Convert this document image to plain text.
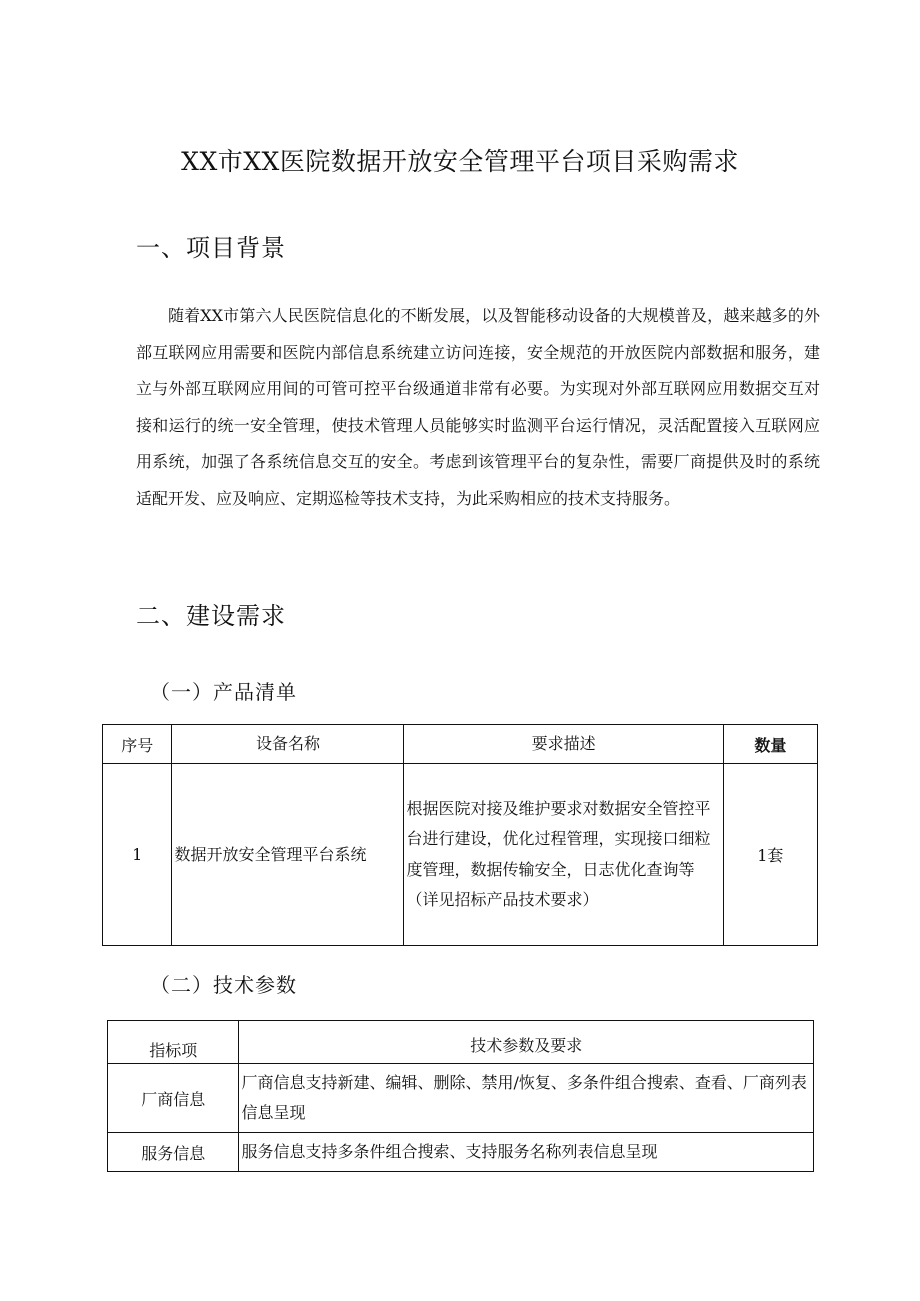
XX市XX医院数据开放安全管理平台项目采购需求
一、项目背景
随着XX市第六人民医院信息化的不断发展，以及智能移动设备的大规模普及，越来越多的外部互联网应用需要和医院内部信息系统建立访问连接，安全规范的开放医院内部数据和服务，建立与外部互联网应用间的可管可控平台级通道非常有必要。为实现对外部互联网应用数据交互对接和运行的统一安全管理，使技术管理人员能够实时监测平台运行情况，灵活配置接入互联网应用系统，加强了各系统信息交互的安全。考虑到该管理平台的复杂性，需要厂商提供及时的系统适配开发、应及响应、定期巡检等技术支持，为此采购相应的技术支持服务。
二、建设需求
（一）产品清单
序号	设备名称	要求描述	数量
1	数据开放安全管理平台系统	根据医院对接及维护要求对数据安全管控平台进行建设，优化过程管理，实现接口细粒度管理，数据传输安全，日志优化查询等（详见招标产品技术要求）	1套
（二）技术参数
指标项	技术参数及要求
厂商信息	厂商信息支持新建、编辑、删除、禁用/恢复、多条件组合搜索、查看、厂商列表信息呈现
服务信息	服务信息支持多条件组合搜索、支持服务名称列表信息呈现
